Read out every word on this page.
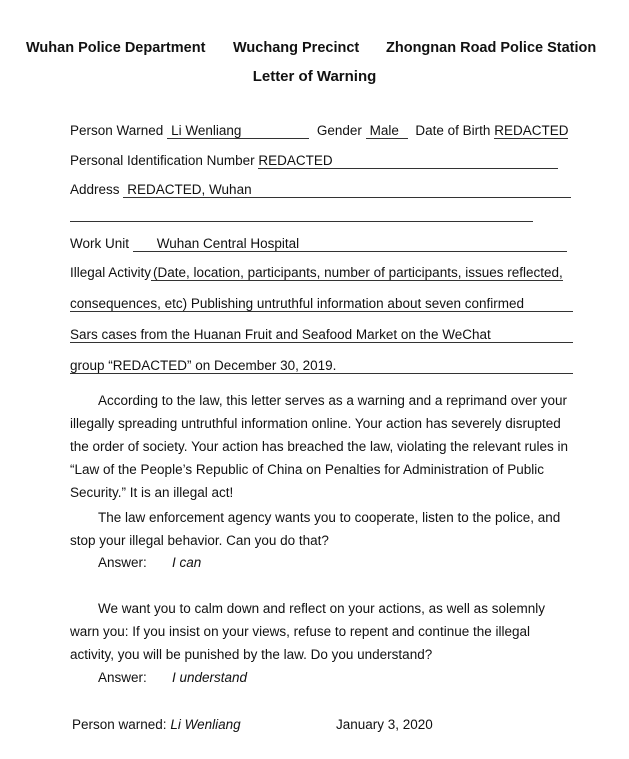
Wuhan Police Department Wuchang Precinct Zhongnan Road Police Station
Letter of Warning
Person Warned Li Wenliang	Gender Male Date of Birth REDACTED
Personal Identification Number REDACTED
Address REDACTED, Wuhan
Work Unit Wuhan Central Hospital
Illegal Activity (Date, location, participants, number of participants, issues reflected,
consequences, etc) Publishing untruthful information about seven confirmed
Sars cases from the Huanan Fruit and Seafood Market on the WeChat
group “REDACTED” on December 30, 2019.
According to the law, this letter serves as a warning and a reprimand over your illegally spreading untruthful information online. Your action has severely disrupted the order of society. Your action has breached the law, violating the relevant rules in “Law of the People’s Republic of China on Penalties for Administration of Public Security.” It is an illegal act!
The law enforcement agency wants you to cooperate, listen to the police, and stop your illegal behavior. Can you do that?
Answer: I can
We want you to calm down and reflect on your actions, as well as solemnly warn you: If you insist on your views, refuse to repent and continue the illegal activity, you will be punished by the law. Do you understand?
Answer: I understand
Person warned: Li Wenliang	January 3, 2020
